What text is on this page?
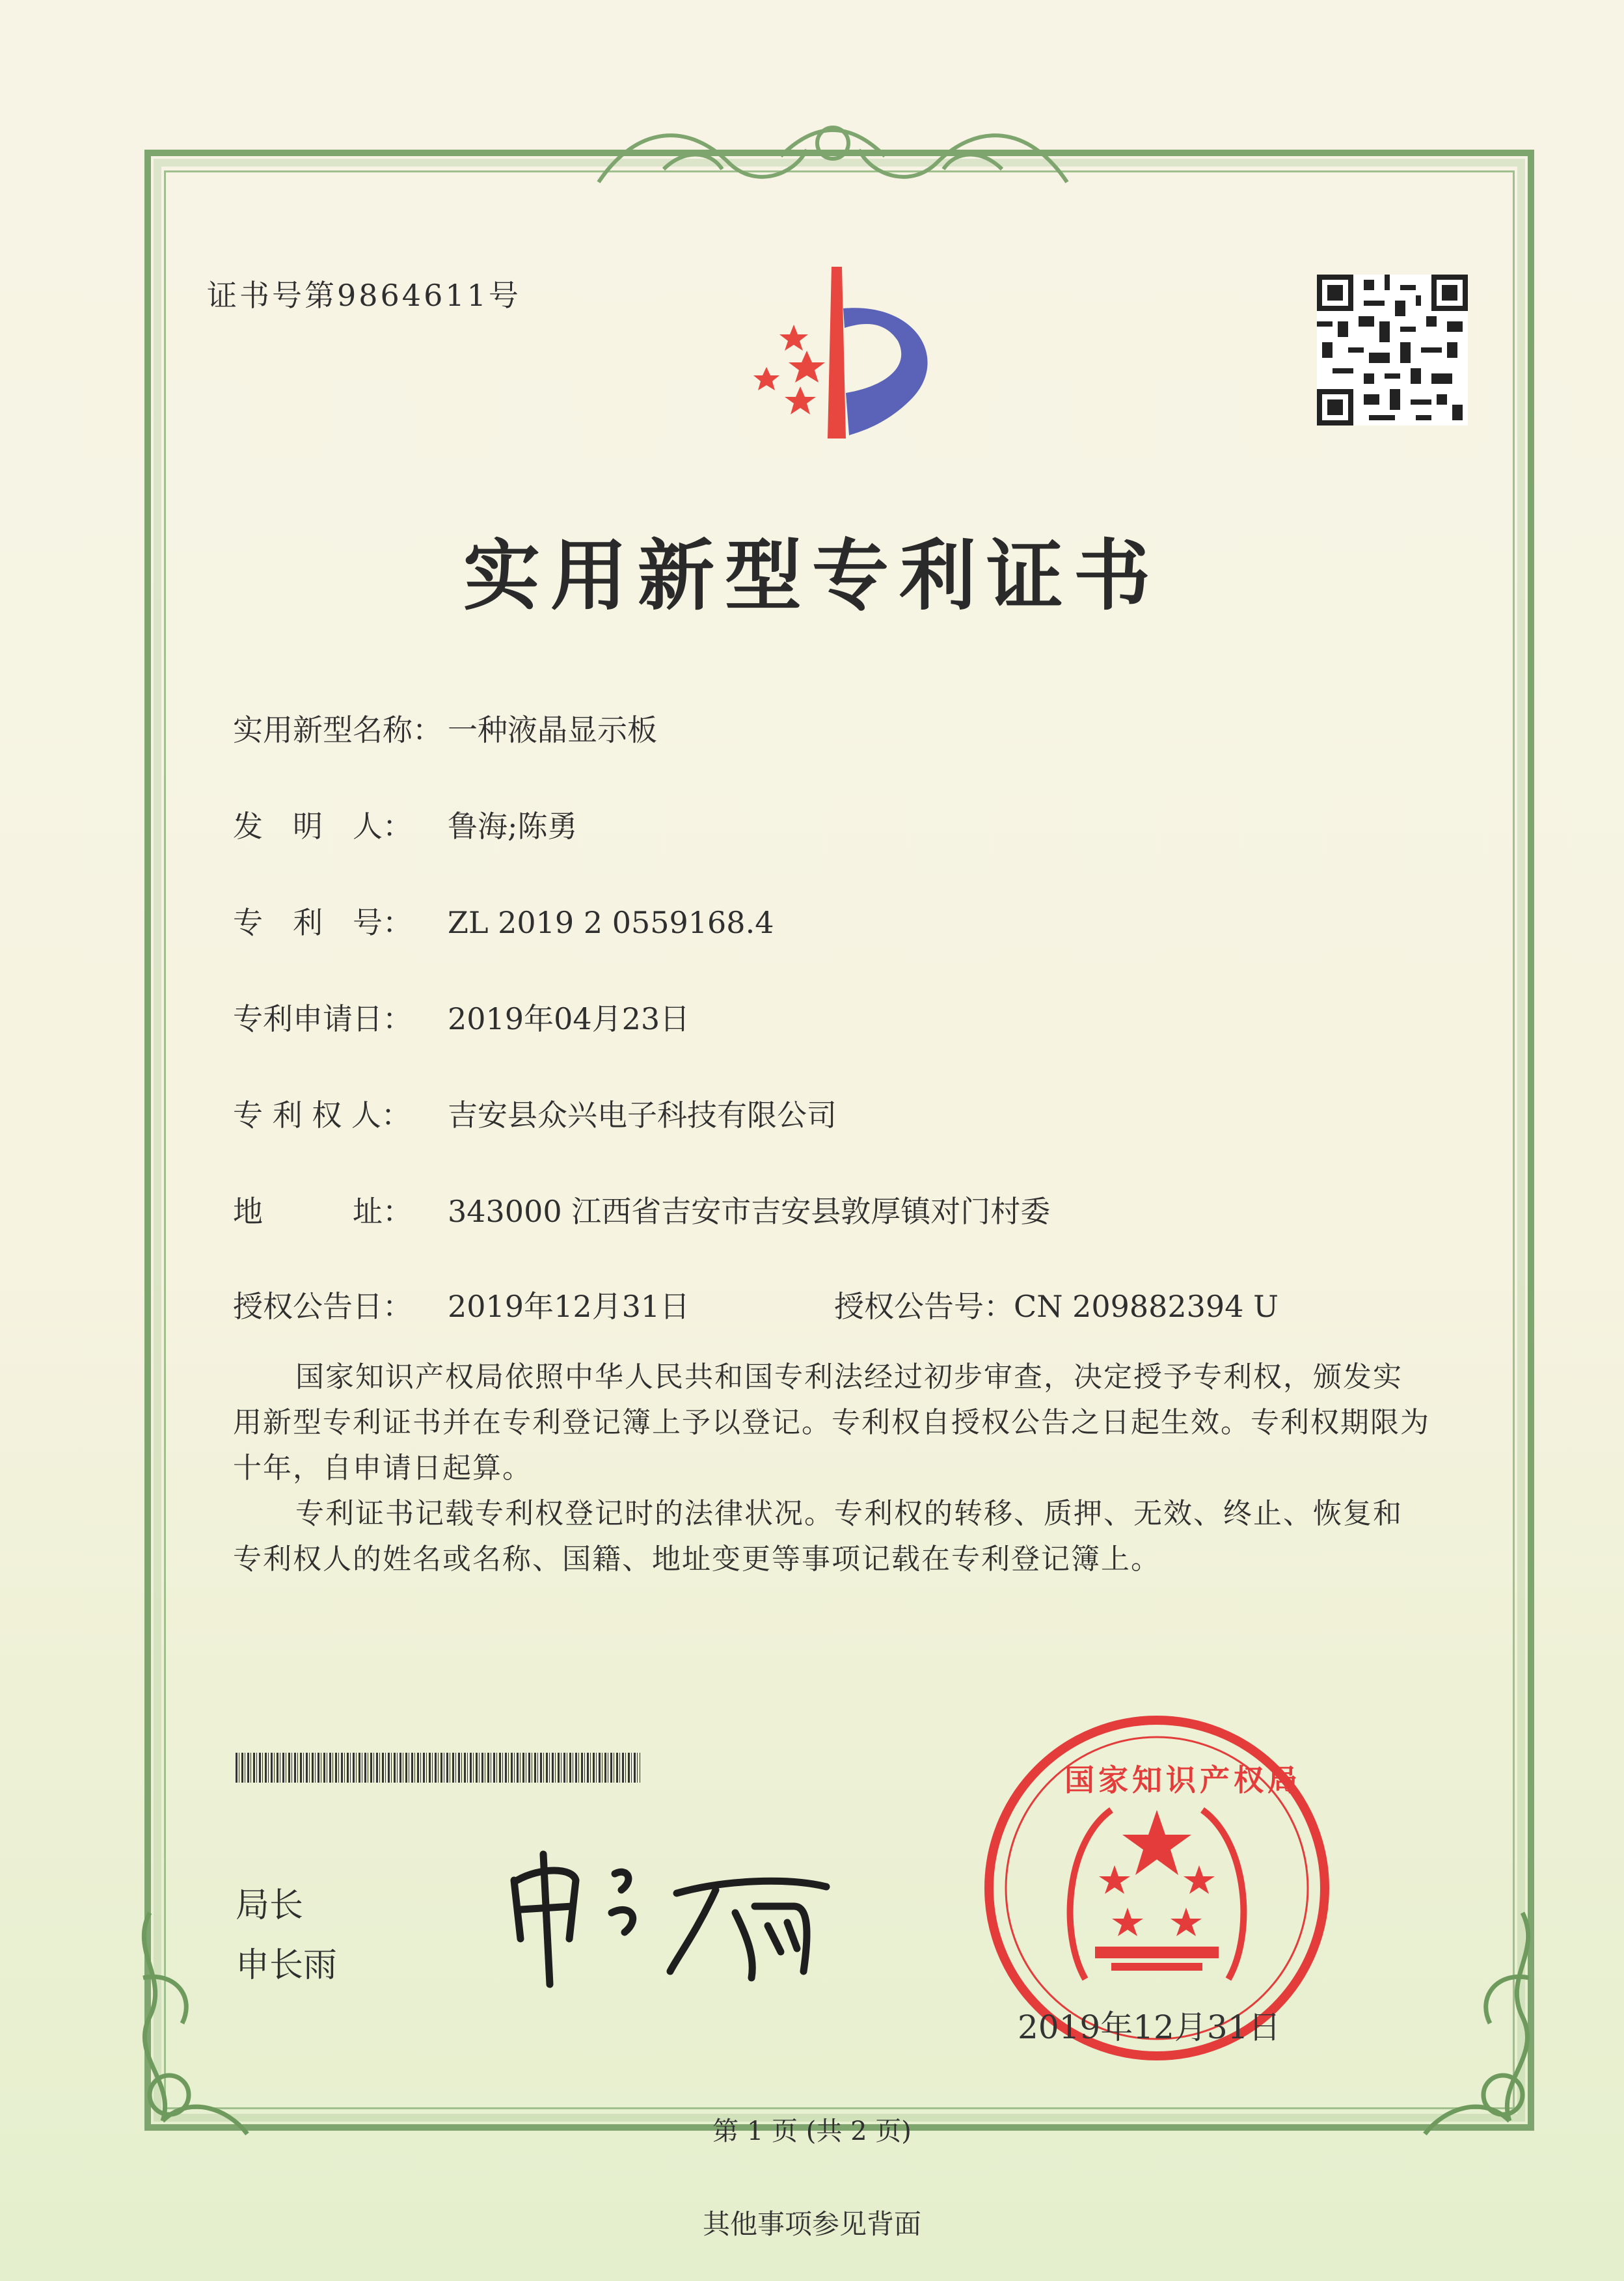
证书号第9864611号
实用新型专利证书
实用新型名称： 一种液晶显示板
发　明　人： 鲁海;陈勇
专　利　号： ZL 2019 2 0559168.4
专利申请日： 2019年04月23日
专 利 权 人： 吉安县众兴电子科技有限公司
地　　　址： 343000 江西省吉安市吉安县敦厚镇对门村委
授权公告日： 2019年12月31日	授权公告号：CN 209882394 U
国家知识产权局依照中华人民共和国专利法经过初步审查，决定授予专利权，颁发实用新型专利证书并在专利登记簿上予以登记。专利权自授权公告之日起生效。专利权期限为十年，自申请日起算。
专利证书记载专利权登记时的法律状况。专利权的转移、质押、无效、终止、恢复和专利权人的姓名或名称、国籍、地址变更等事项记载在专利登记簿上。
局长
申长雨
国家知识产权局
2019年12月31日
第 1 页 (共 2 页)
其他事项参见背面
